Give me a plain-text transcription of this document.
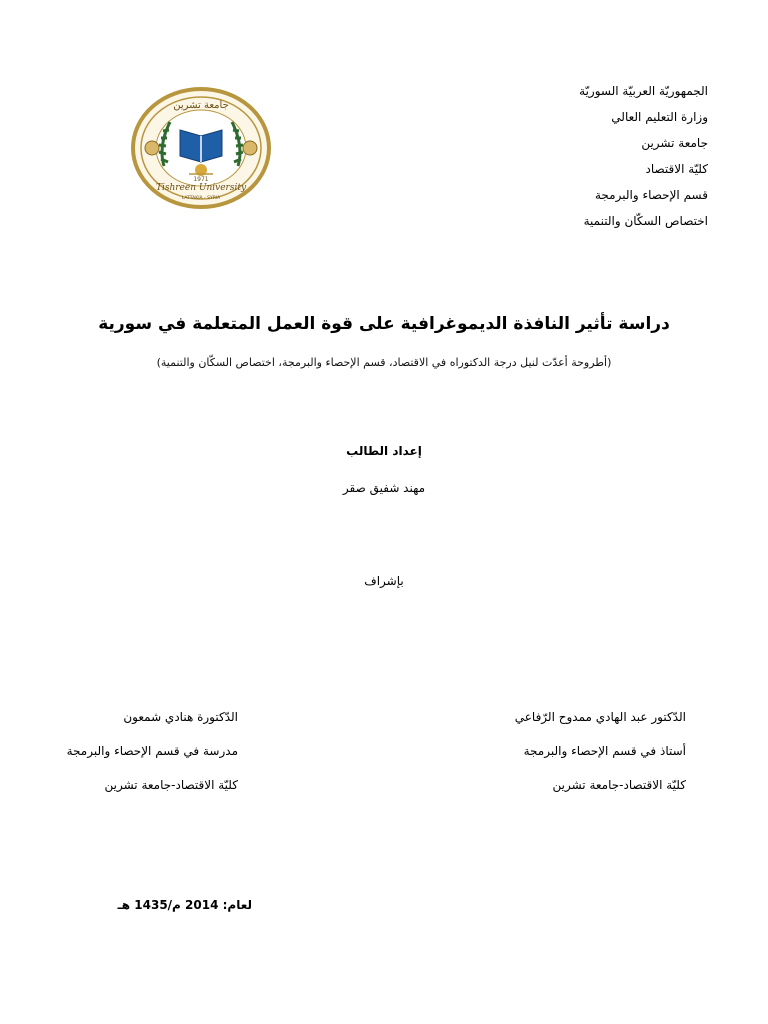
جامعة تشرين
Tishreen University
1971
LATTAKIA - SYRIA
الجمهوريّة العربيّة السوريّة
وزارة التعليم العالي
جامعة تشرين
كليّة الاقتصاد
قسم الإحصاء والبرمجة
اختصاص السكّان والتنمية
دراسة تأثير النافذة الديموغرافية على قوة العمل المتعلمة في سورية
(أطروحة أعدّت لنيل درجة الدكتوراه في الاقتصاد، قسم الإحصاء والبرمجة، اختصاص السكّان والتنمية)
إعداد الطالب
مهند شفيق صقر
بإشراف
الدّكتور عبد الهادي ممدوح الرّفاعي
أستاذ في قسم الإحصاء والبرمجة
كليّة الاقتصاد-جامعة تشرين
الدّكتورة هنادي شمعون
مدرسة في قسم الإحصاء والبرمجة
كليّة الاقتصاد-جامعة تشرين
لعام: 2014 م/1435 هـ
